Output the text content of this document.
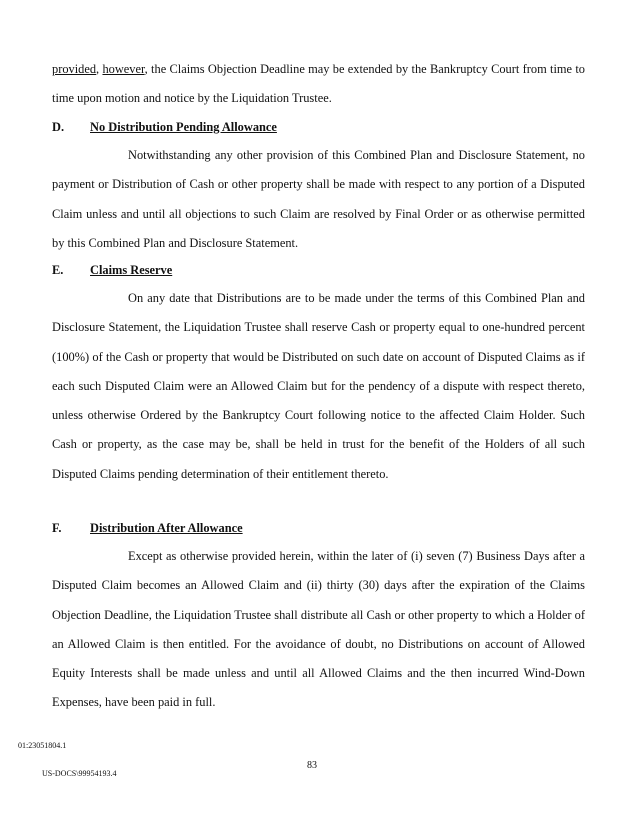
provided, however, the Claims Objection Deadline may be extended by the Bankruptcy Court from time to time upon motion and notice by the Liquidation Trustee.

D. No Distribution Pending Allowance

Notwithstanding any other provision of this Combined Plan and Disclosure Statement, no payment or Distribution of Cash or other property shall be made with respect to any portion of a Disputed Claim unless and until all objections to such Claim are resolved by Final Order or as otherwise permitted by this Combined Plan and Disclosure Statement.

E. Claims Reserve

On any date that Distributions are to be made under the terms of this Combined Plan and Disclosure Statement, the Liquidation Trustee shall reserve Cash or property equal to one-hundred percent (100%) of the Cash or property that would be Distributed on such date on account of Disputed Claims as if each such Disputed Claim were an Allowed Claim but for the pendency of a dispute with respect thereto, unless otherwise Ordered by the Bankruptcy Court following notice to the affected Claim Holder. Such Cash or property, as the case may be, shall be held in trust for the benefit of the Holders of all such Disputed Claims pending determination of their entitlement thereto.

F. Distribution After Allowance

Except as otherwise provided herein, within the later of (i) seven (7) Business Days after a Disputed Claim becomes an Allowed Claim and (ii) thirty (30) days after the expiration of the Claims Objection Deadline, the Liquidation Trustee shall distribute all Cash or other property to which a Holder of an Allowed Claim is then entitled. For the avoidance of doubt, no Distributions on account of Allowed Equity Interests shall be made unless and until all Allowed Claims and the then incurred Wind-Down Expenses, have been paid in full.

01:23051804.1
83
US-DOCS\99954193.4
